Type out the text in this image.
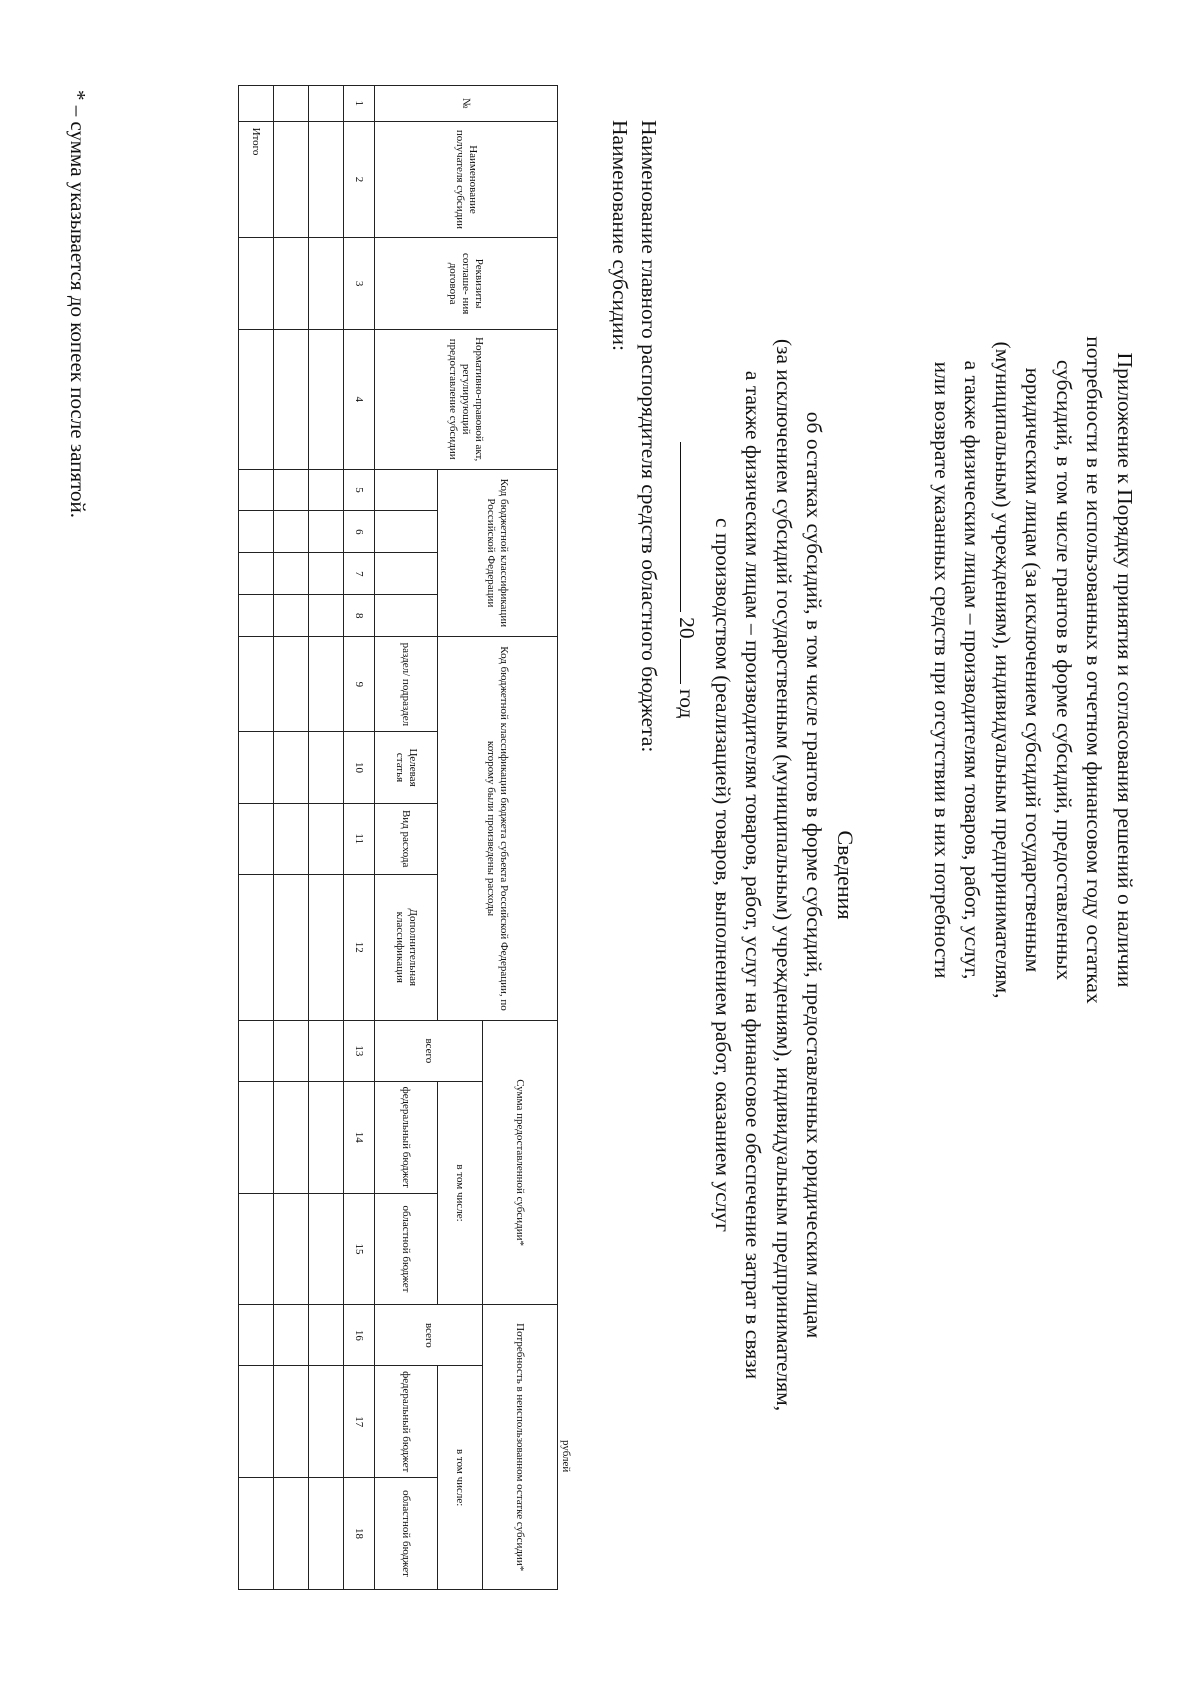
Приложение к Порядку принятия и согласования решений о наличии
потребности в не использованных в отчетном финансовом году остатках
субсидий, в том числе грантов в форме субсидий, предоставленных
юридическим лицам (за исключением субсидий государственным
(муниципальным) учреждениям), индивидуальным предпринимателям,
а также физическим лицам – производителям товаров, работ, услуг,
или возврате указанных средств при отсутствии в них потребности
Сведения
об остатках субсидий, в том числе грантов в форме субсидий, предоставленных юридическим лицам
(за исключением субсидий государственным (муниципальным) учреждениям), индивидуальным предпринимателям,
а также физическим лицам – производителям товаров, работ, услуг на финансовое обеспечение затрат в связи
с производством (реализацией) товаров, выполнением работ, оказанием услуг
20 год
Наименование главного распорядителя средств областного бюджета:
Наименование субсидии:
рублей
№	Наименование получателя субсидии	Реквизиты соглаше- ния договора	Нормативно-правовой акт, регулирующий предоставление субсидии	Код бюджетной классификации Российской Федерации				Код бюджетной классификации бюджета субъекта Российской Федерации, по которому были произведены расходы				Сумма предоставленной субсидии*			Потребность в неиспользованном остатке субсидии*		
												всего	в том числе:		всего	в том числе:	
								раздел/ подраздел	Целевая статья	Вид расхода	Дополнительная классификация		федеральный бюджет	областной бюджет		федеральный бюджет	областной бюджет
1	2	3	4	5	6	7	8	9	10	11	12	13	14	15	16	17	18

	Итого																
* – сумма указывается до копеек после запятой.
